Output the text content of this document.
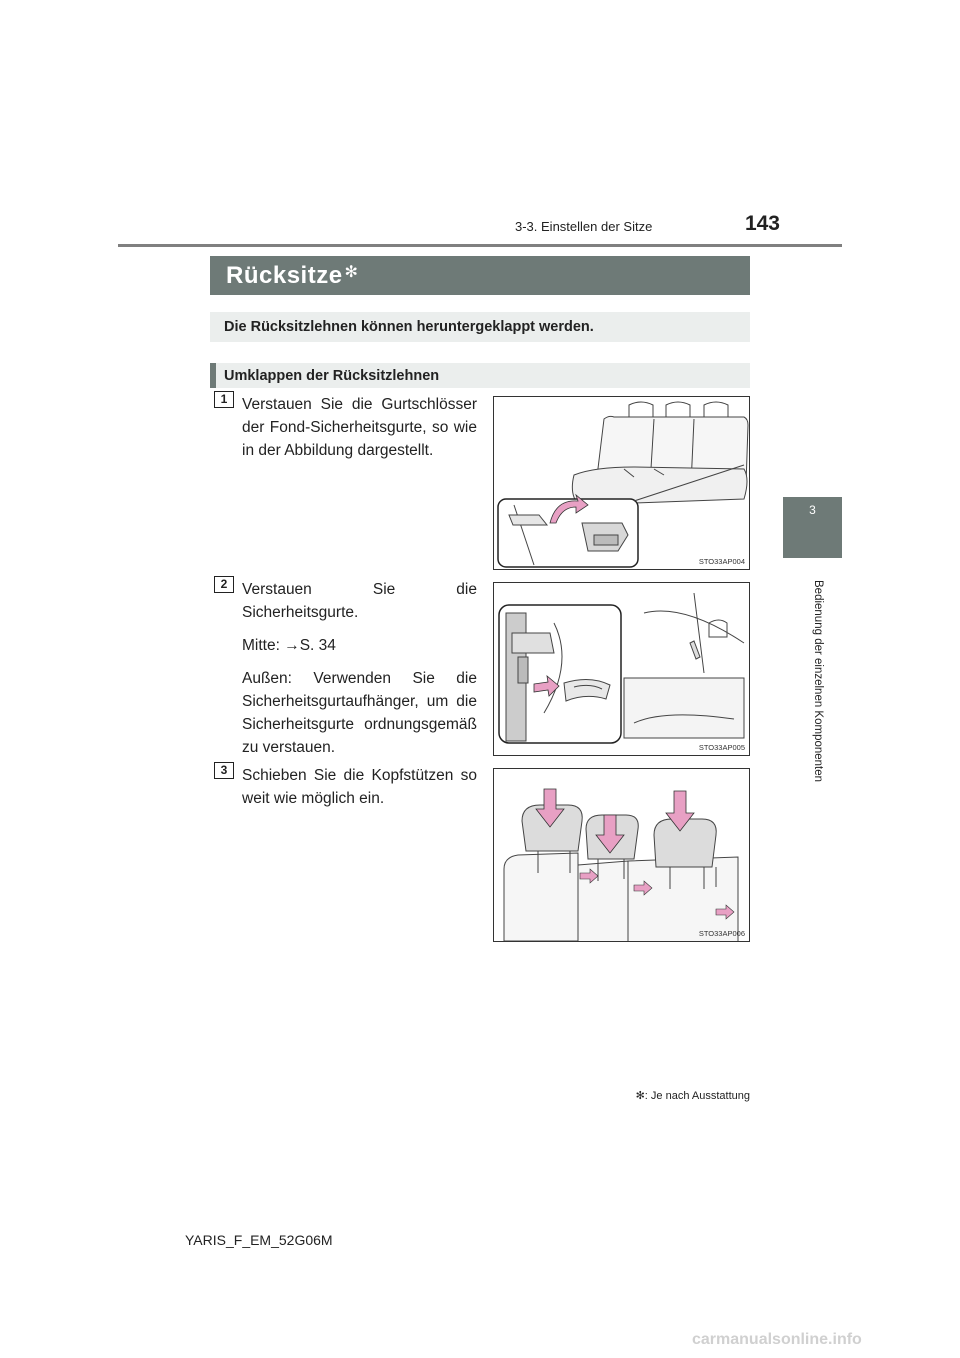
3-3. Einstellen der Sitze	143
3
Bedienung der einzelnen Komponenten
Rücksitze ✻
Die Rücksitzlehnen können heruntergeklappt werden.
Umklappen der Rücksitzlehnen
1 Verstauen Sie die Gurtschlösser der Fond-Sicherheitsgurte, so wie in der Abbildung dargestellt.

STO33AP004
2 Verstauen Sie die Sicherheitsgurte.

Mitte: →S. 34

Außen: Verwenden Sie die Sicherheitsgurtaufhänger, um die Sicherheitsgurte ordnungsgemäß zu verstauen.	STO33AP005
3 Schieben Sie die Kopfstützen so weit wie möglich ein.

STO33AP006
✻: Je nach Ausstattung
YARIS_F_EM_52G06M
carmanualsonline.info
